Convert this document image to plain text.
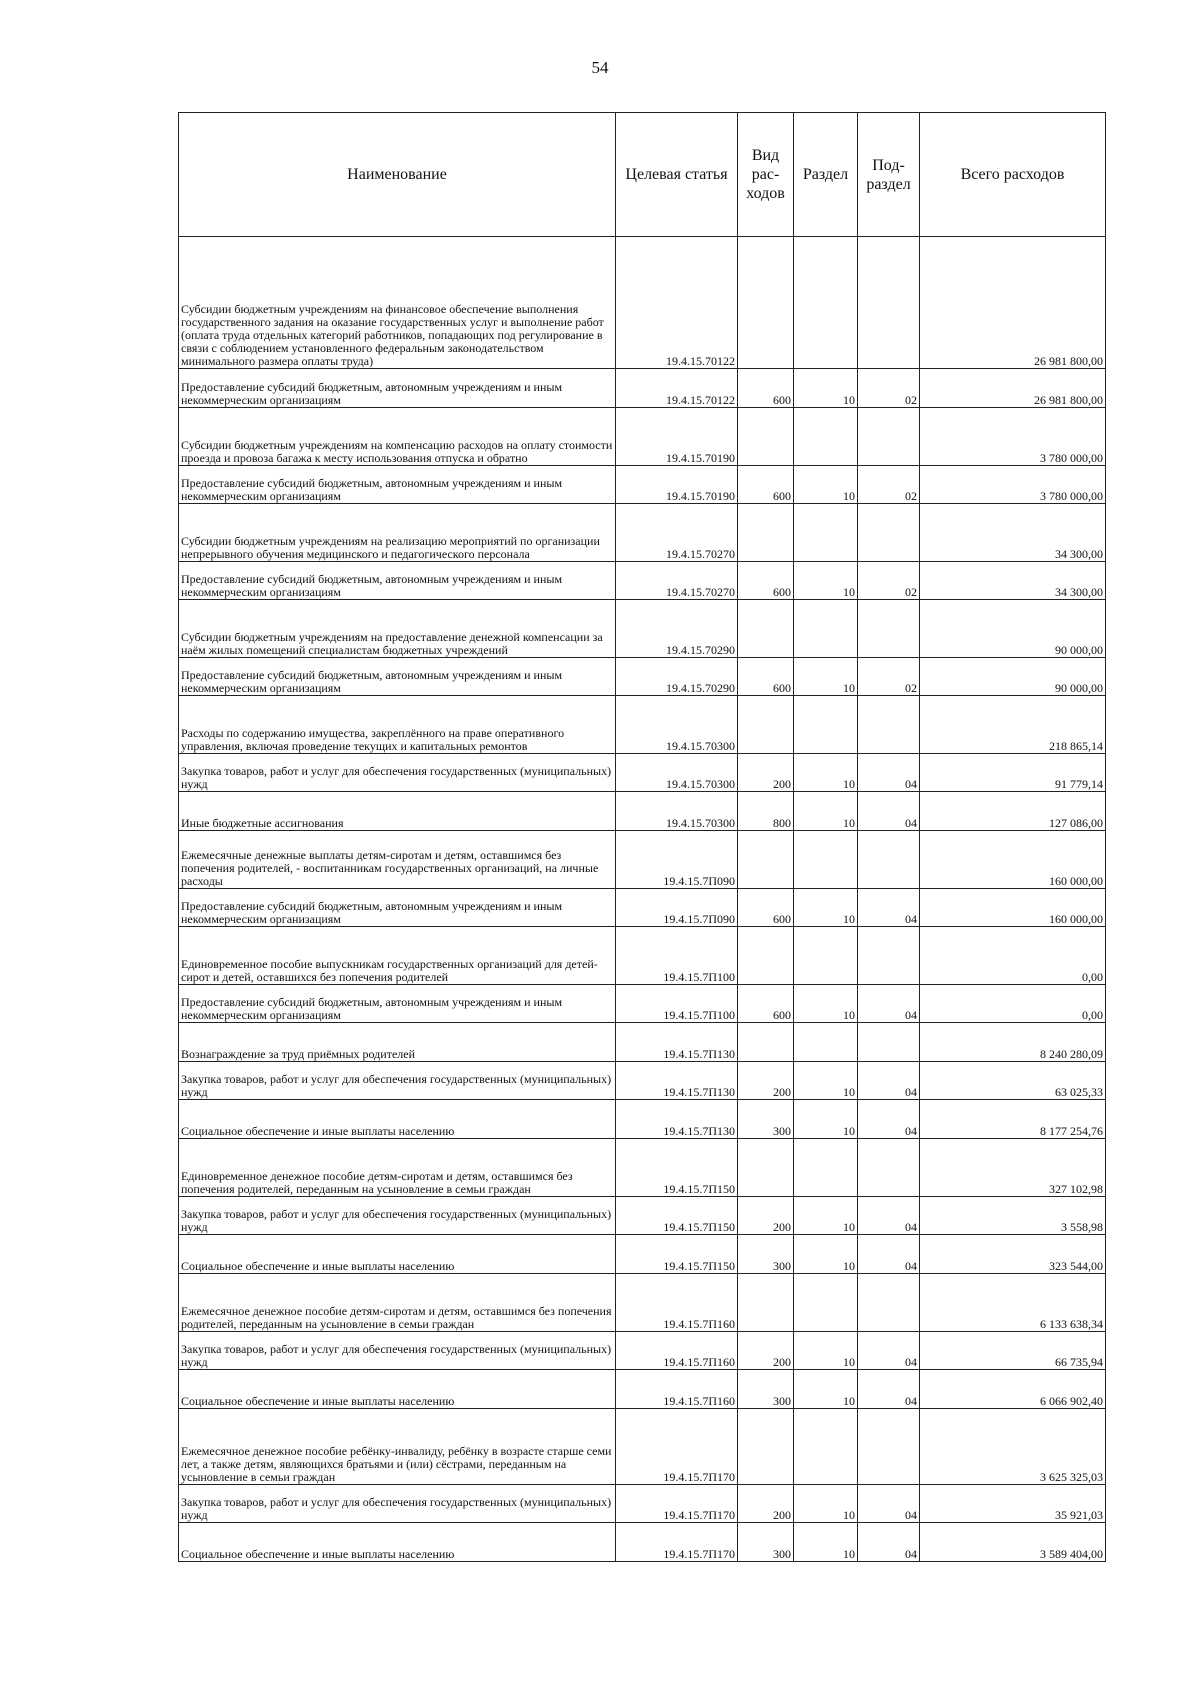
54
Наименование	Целевая статья	Вид рас-ходов	Раздел	Под-раздел	Всего расходов
Субсидии бюджетным учреждениям на финансовое обеспечение выполнения государственного задания на оказание государственных услуг и выполнение работ (оплата труда отдельных категорий работников, попадающих под регулирование в связи с соблюдением установленного федеральным законодательством минимального размера оплаты труда)	19.4.15.70122				26 981 800,00
Предоставление субсидий бюджетным, автономным учреждениям и иным некоммерческим организациям	19.4.15.70122	600	10	02	26 981 800,00
Субсидии бюджетным учреждениям на компенсацию расходов на оплату стоимости проезда и провоза багажа к месту использования отпуска и обратно	19.4.15.70190				3 780 000,00
Предоставление субсидий бюджетным, автономным учреждениям и иным некоммерческим организациям	19.4.15.70190	600	10	02	3 780 000,00
Субсидии бюджетным учреждениям на реализацию мероприятий по организации непрерывного обучения медицинского и педагогического персонала	19.4.15.70270				34 300,00
Предоставление субсидий бюджетным, автономным учреждениям и иным некоммерческим организациям	19.4.15.70270	600	10	02	34 300,00
Субсидии бюджетным учреждениям на предоставление денежной компенсации за наём жилых помещений специалистам бюджетных учреждений	19.4.15.70290				90 000,00
Предоставление субсидий бюджетным, автономным учреждениям и иным некоммерческим организациям	19.4.15.70290	600	10	02	90 000,00
Расходы по содержанию имущества, закреплённого на праве оперативного управления, включая проведение текущих и капитальных ремонтов	19.4.15.70300				218 865,14
Закупка товаров, работ и услуг для обеспечения государственных (муниципальных) нужд	19.4.15.70300	200	10	04	91 779,14
Иные бюджетные ассигнования	19.4.15.70300	800	10	04	127 086,00
Ежемесячные денежные выплаты детям-сиротам и детям, оставшимся без попечения родителей, - воспитанникам государственных организаций, на личные расходы	19.4.15.7П090				160 000,00
Предоставление субсидий бюджетным, автономным учреждениям и иным некоммерческим организациям	19.4.15.7П090	600	10	04	160 000,00
Единовременное пособие выпускникам государственных организаций для детей-сирот и детей, оставшихся без попечения родителей	19.4.15.7П100				0,00
Предоставление субсидий бюджетным, автономным учреждениям и иным некоммерческим организациям	19.4.15.7П100	600	10	04	0,00
Вознаграждение за труд приёмных родителей	19.4.15.7П130				8 240 280,09
Закупка товаров, работ и услуг для обеспечения государственных (муниципальных) нужд	19.4.15.7П130	200	10	04	63 025,33
Социальное обеспечение и иные выплаты населению	19.4.15.7П130	300	10	04	8 177 254,76
Единовременное денежное пособие детям-сиротам и детям, оставшимся без попечения родителей, переданным на усыновление в семьи граждан	19.4.15.7П150				327 102,98
Закупка товаров, работ и услуг для обеспечения государственных (муниципальных) нужд	19.4.15.7П150	200	10	04	3 558,98
Социальное обеспечение и иные выплаты населению	19.4.15.7П150	300	10	04	323 544,00
Ежемесячное денежное пособие детям-сиротам и детям, оставшимся без попечения родителей, переданным на усыновление в семьи граждан	19.4.15.7П160				6 133 638,34
Закупка товаров, работ и услуг для обеспечения государственных (муниципальных) нужд	19.4.15.7П160	200	10	04	66 735,94
Социальное обеспечение и иные выплаты населению	19.4.15.7П160	300	10	04	6 066 902,40
Ежемесячное денежное пособие ребёнку-инвалиду, ребёнку в возрасте старше семи лет, а также детям, являющихся братьями и (или) сёстрами, переданным на усыновление в семьи граждан	19.4.15.7П170				3 625 325,03
Закупка товаров, работ и услуг для обеспечения государственных (муниципальных) нужд	19.4.15.7П170	200	10	04	35 921,03
Социальное обеспечение и иные выплаты населению	19.4.15.7П170	300	10	04	3 589 404,00
